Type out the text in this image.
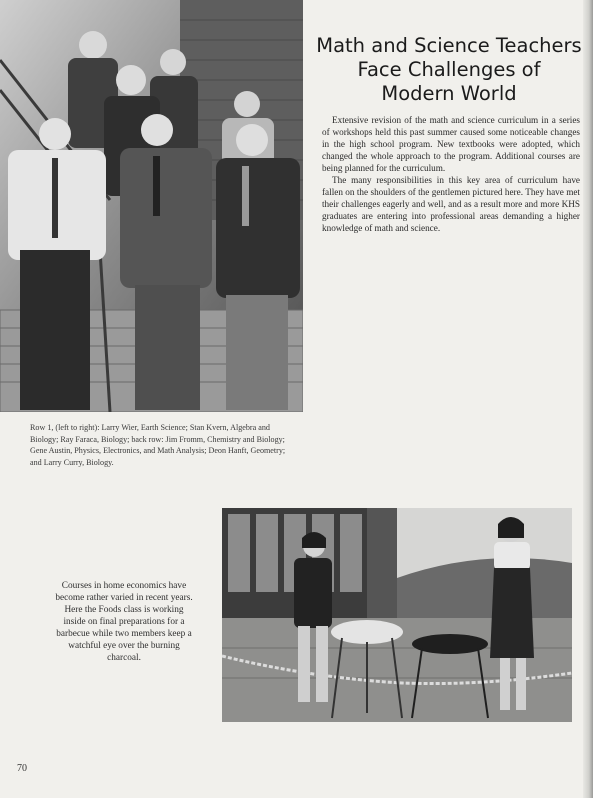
Math and Science Teachers
Face Challenges of
Modern World

Extensive revision of the math and science curriculum in a series of workshops held this past summer caused some noticeable changes in the high school program. New textbooks were adopted, which changed the whole approach to the program. Additional courses are being planned for the curriculum.

The many responsibilities in this key area of curriculum have fallen on the shoulders of the gentlemen pictured here. They have met their challenges eagerly and well, and as a result more and more KHS graduates are entering into professional areas demanding a higher knowledge of math and science.

Row 1, (left to right): Larry Wier, Earth Science; Stan Kvern, Algebra and Biology; Ray Faraca, Biology; back row: Jim Fromm, Chemistry and Biology; Gene Austin, Physics, Electronics, and Math Analysis; Deon Hanft, Geometry; and Larry Curry, Biology.
Courses in home economics have become rather varied in recent years. Here the Foods class is working inside on final preparations for a barbecue while two members keep a watchful eye over the burning charcoal.
70
